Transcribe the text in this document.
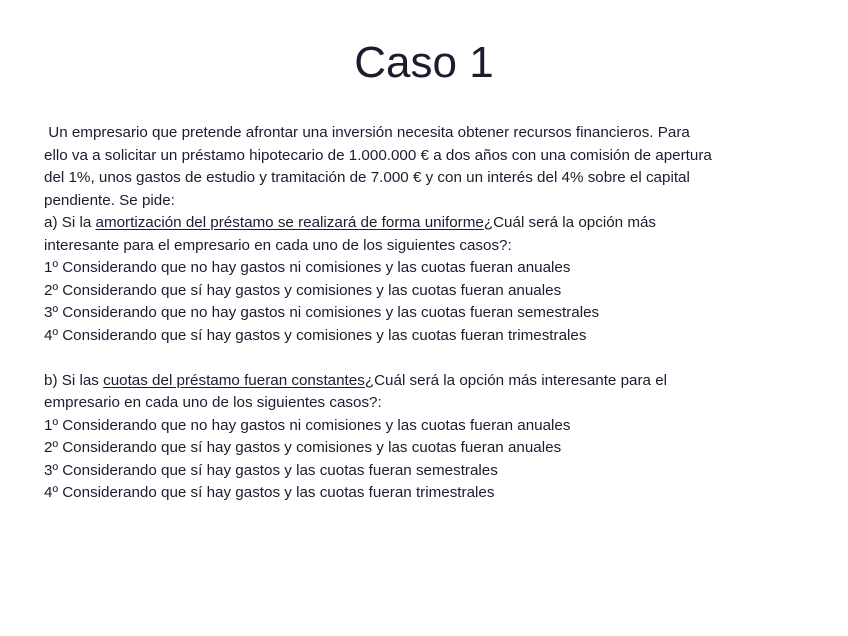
Caso 1
Un empresario que pretende afrontar una inversión necesita obtener recursos financieros. Para
ello va a solicitar un préstamo hipotecario de 1.000.000 € a dos años con una comisión de apertura
del 1%, unos gastos de estudio y tramitación de 7.000 € y con un interés del 4% sobre el capital
pendiente. Se pide:
a) Si la amortización del préstamo se realizará de forma uniforme¿Cuál será la opción más
interesante para el empresario en cada uno de los siguientes casos?:
1º Considerando que no hay gastos ni comisiones y las cuotas fueran anuales
2º Considerando que sí hay gastos y comisiones y las cuotas fueran anuales
3º Considerando que no hay gastos ni comisiones y las cuotas fueran semestrales
4º Considerando que sí hay gastos y comisiones y las cuotas fueran trimestrales
b) Si las cuotas del préstamo fueran constantes¿Cuál será la opción más interesante para el
empresario en cada uno de los siguientes casos?:
1º Considerando que no hay gastos ni comisiones y las cuotas fueran anuales
2º Considerando que sí hay gastos y comisiones y las cuotas fueran anuales
3º Considerando que sí hay gastos y las cuotas fueran semestrales
4º Considerando que sí hay gastos y las cuotas fueran trimestrales
